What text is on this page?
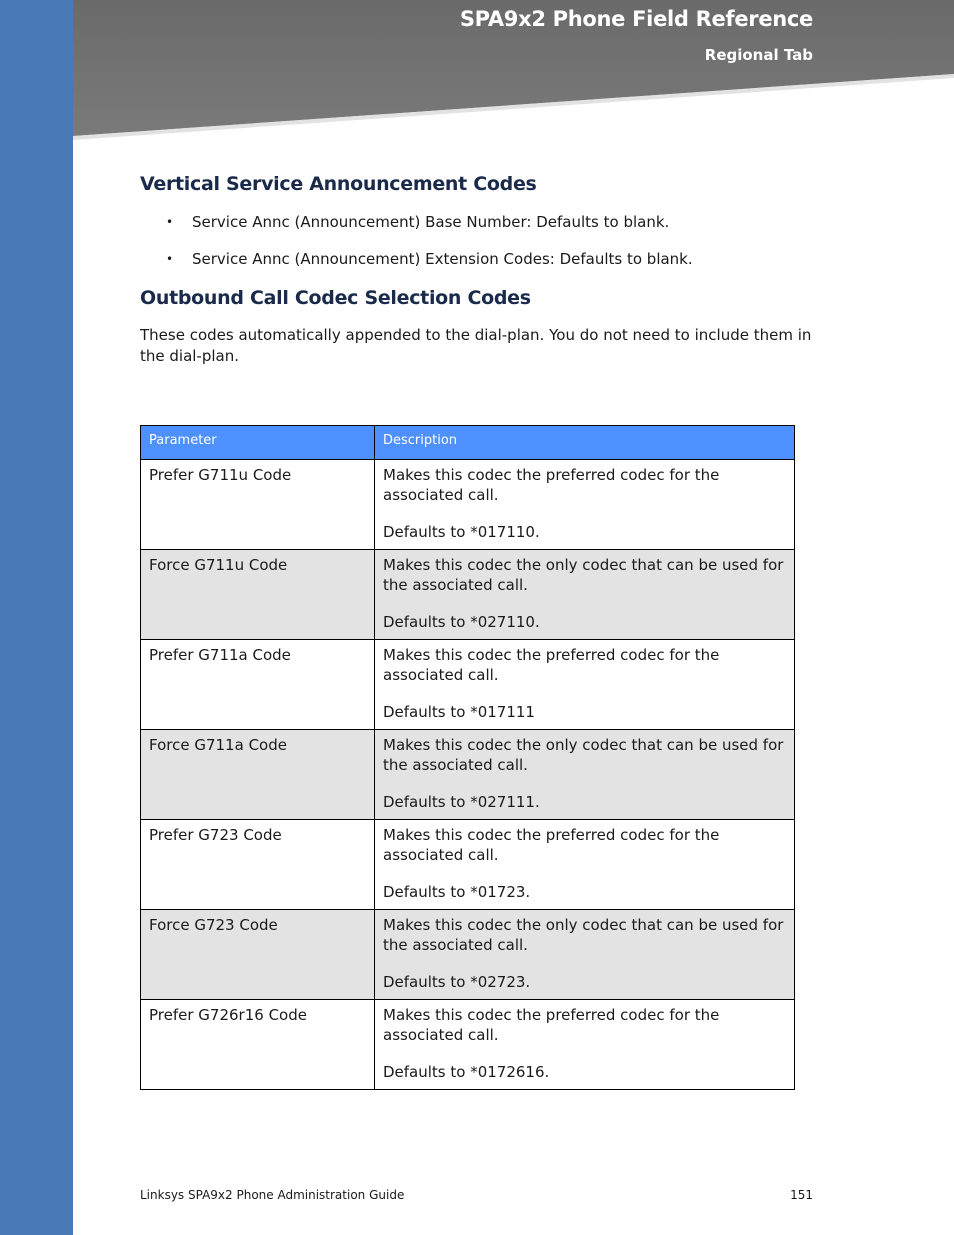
SPA9x2 Phone Field Reference
Regional Tab
Vertical Service Announcement Codes
• Service Annc (Announcement) Base Number: Defaults to blank.
• Service Annc (Announcement) Extension Codes: Defaults to blank.
Outbound Call Codec Selection Codes

These codes automatically appended to the dial-plan. You do not need to include them in the dial-plan.

Parameter	Description
Prefer G711u Code	Makes this codec the preferred codec for the associated call.
Defaults to *017110.

Force G711u Code	Makes this codec the only codec that can be used for the associated call.
Defaults to *027110.

Prefer G711a Code	Makes this codec the preferred codec for the associated call.
Defaults to *017111

Force G711a Code	Makes this codec the only codec that can be used for the associated call.
Defaults to *027111.

Prefer G723 Code	Makes this codec the preferred codec for the associated call.
Defaults to *01723.

Force G723 Code	Makes this codec the only codec that can be used for the associated call.
Defaults to *02723.

Prefer G726r16 Code	Makes this codec the preferred codec for the associated call.
Defaults to *0172616.
Linksys SPA9x2 Phone Administration Guide	151
